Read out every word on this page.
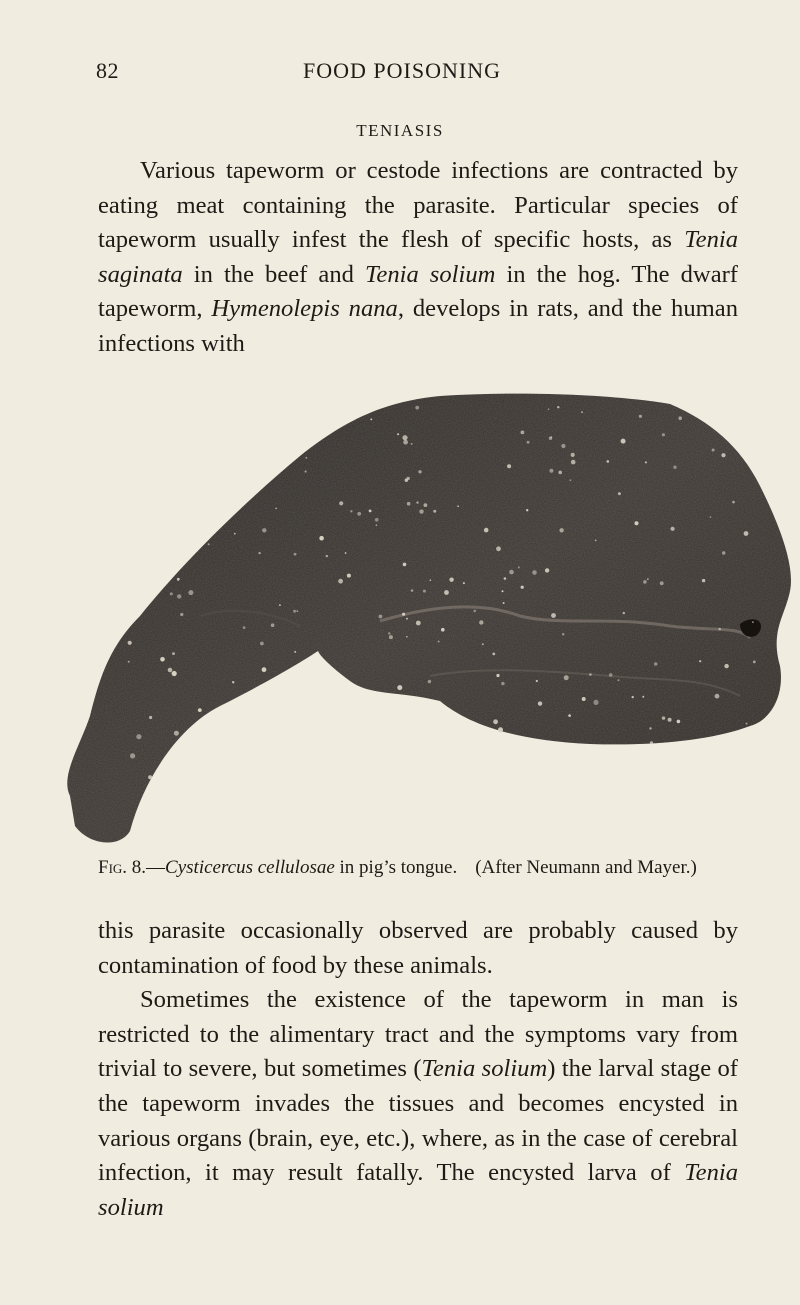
82	FOOD POISONING
TENIASIS

Various tapeworm or cestode infections are contracted by eating meat containing the parasite. Particular species of tapeworm usually infest the flesh of specific hosts, as Tenia saginata in the beef and Tenia solium in the hog. The dwarf tapeworm, Hymenolepis nana, develops in rats, and the human infections with

Fig. 8.—Cysticercus cellulosae in pig’s tongue. (After Neumann and Mayer.)

this parasite occasionally observed are probably caused by contamination of food by these animals.

Sometimes the existence of the tapeworm in man is restricted to the alimentary tract and the symptoms vary from trivial to severe, but sometimes (Tenia solium) the larval stage of the tapeworm invades the tissues and becomes encysted in various organs (brain, eye, etc.), where, as in the case of cerebral infection, it may result fatally. The encysted larva of Tenia solium
